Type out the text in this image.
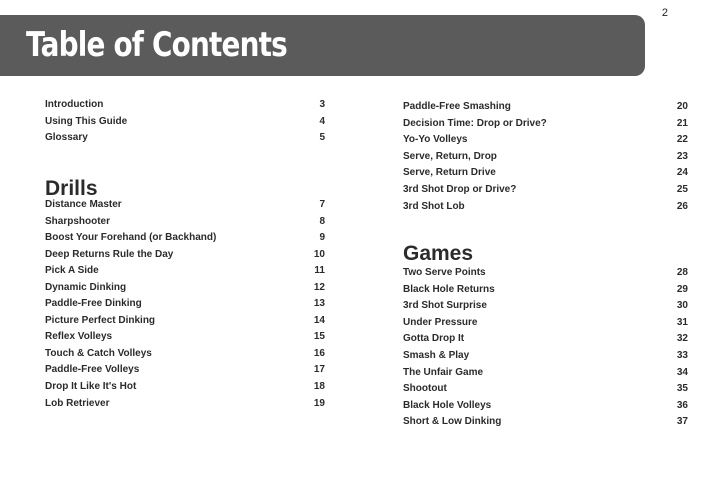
2
Table of Contents
Introduction	3
Using This Guide	4
Glossary	5
Drills
Distance Master	7
Sharpshooter	8
Boost Your Forehand (or Backhand)	9
Deep Returns Rule the Day	10
Pick A Side	11
Dynamic Dinking	12
Paddle-Free Dinking	13
Picture Perfect Dinking	14
Reflex Volleys	15
Touch & Catch Volleys	16
Paddle-Free Volleys	17
Drop It Like It's Hot	18
Lob Retriever	19
Paddle-Free Smashing	20
Decision Time: Drop or Drive?	21
Yo-Yo Volleys	22
Serve, Return, Drop	23
Serve, Return Drive	24
3rd Shot Drop or Drive?	25
3rd Shot Lob	26
Games
Two Serve Points	28
Black Hole Returns	29
3rd Shot Surprise	30
Under Pressure	31
Gotta Drop It	32
Smash & Play	33
The Unfair Game	34
Shootout	35
Black Hole Volleys	36
Short & Low Dinking	37
